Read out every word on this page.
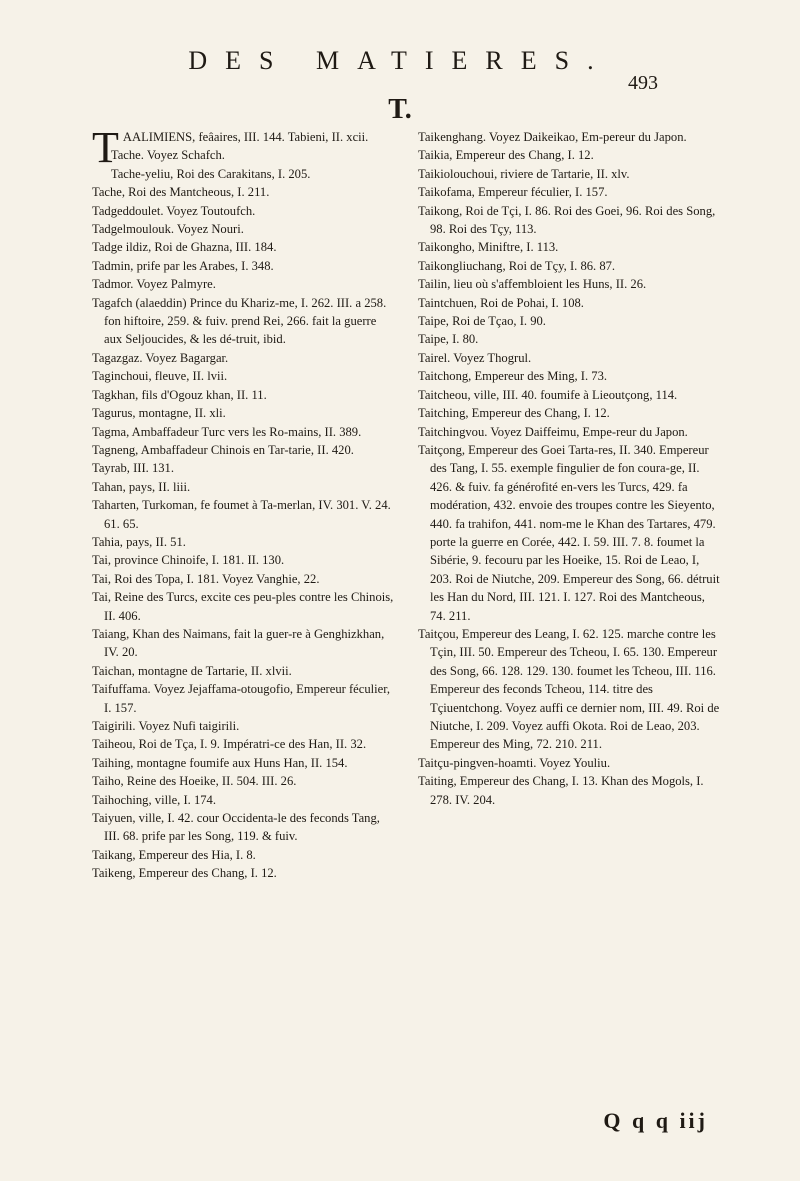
DES MATIERES.
493
T.

TAALIMIENS, feâaires, III. 144. Tabieni, II. xcii.

Tache. Voyez Schafch.

Tache-yeliu, Roi des Carakitans, I. 205.

Tache, Roi des Mantcheous, I. 211.

Tadgeddoulet. Voyez Toutoufch.

Tadgelmoulouk. Voyez Nouri.

Tadge ildiz, Roi de Ghazna, III. 184.

Tadmin, prife par les Arabes, I. 348.

Tadmor. Voyez Palmyre.

Tagafch (alaeddin) Prince du Khariz-me, I. 262. III. a 258. fon hiftoire, 259. & fuiv. prend Rei, 266. fait la guerre aux Seljoucides, & les dé-truit, ibid.

Tagazgaz. Voyez Bagargar.

Taginchoui, fleuve, II. lvii.

Tagkhan, fils d'Ogouz khan, II. 11.

Tagurus, montagne, II. xli.

Tagma, Ambaffadeur Turc vers les Ro-mains, II. 389.

Tagneng, Ambaffadeur Chinois en Tar-tarie, II. 420.

Tayrab, III. 131.

Tahan, pays, II. liii.

Taharten, Turkoman, fe foumet à Ta-merlan, IV. 301. V. 24. 61. 65.

Tahia, pays, II. 51.

Tai, province Chinoife, I. 181. II. 130.

Tai, Roi des Topa, I. 181. Voyez Vanghie, 22.

Tai, Reine des Turcs, excite ces peu-ples contre les Chinois, II. 406.

Taiang, Khan des Naimans, fait la guer-re à Genghizkhan, IV. 20.

Taichan, montagne de Tartarie, II. xlvii.

Taifuffama. Voyez Jejaffama-otougofio, Empereur féculier, I. 157.

Taigirili. Voyez Nufi taigirili.

Taiheou, Roi de Tça, I. 9. Impératri-ce des Han, II. 32.

Taihing, montagne foumife aux Huns Han, II. 154.

Taiho, Reine des Hoeike, II. 504. III. 26.

Taihoching, ville, I. 174.

Taiyuen, ville, I. 42. cour Occidenta-le des feconds Tang, III. 68. prife par les Song, 119. & fuiv.

Taikang, Empereur des Hia, I. 8.

Taikeng, Empereur des Chang, I. 12.

Taikenghang. Voyez Daikeikao, Em-pereur du Japon.

Taikia, Empereur des Chang, I. 12.

Taikiolouchoui, riviere de Tartarie, II. xlv.

Taikofama, Empereur féculier, I. 157.

Taikong, Roi de Tçi, I. 86. Roi des Goei, 96. Roi des Song, 98. Roi des Tçy, 113.

Taikongho, Miniftre, I. 113.

Taikongliuchang, Roi de Tçy, I. 86. 87.

Tailin, lieu où s'affembloient les Huns, II. 26.

Taintchuen, Roi de Pohai, I. 108.

Taipe, Roi de Tçao, I. 90.

Taipe, I. 80.

Tairel. Voyez Thogrul.

Taitchong, Empereur des Ming, I. 73.

Taitcheou, ville, III. 40. foumife à Lieoutçong, 114.

Taitching, Empereur des Chang, I. 12.

Taitchingvou. Voyez Daiffeimu, Empe-reur du Japon.

Taitçong, Empereur des Goei Tarta-res, II. 340. Empereur des Tang, I. 55. exemple fingulier de fon coura-ge, II. 426. & fuiv. fa générofité en-vers les Turcs, 429. fa modération, 432. envoie des troupes contre les Sieyento, 440. fa trahifon, 441. nom-me le Khan des Tartares, 479. porte la guerre en Corée, 442. I. 59. III. 7. 8. foumet la Sibérie, 9. fecouru par les Hoeike, 15. Roi de Leao, I, 203. Roi de Niutche, 209. Empereur des Song, 66. détruit les Han du Nord, III. 121. I. 127. Roi des Mantcheous, 74. 211.

Taitçou, Empereur des Leang, I. 62. 125. marche contre les Tçin, III. 50. Empereur des Tcheou, I. 65. 130. Empereur des Song, 66. 128. 129. 130. foumet les Tcheou, III. 116. Empereur des feconds Tcheou, 114. titre des Tçiuentchong. Voyez auffi ce dernier nom, III. 49. Roi de Niutche, I. 209. Voyez auffi Okota. Roi de Leao, 203. Empereur des Ming, 72. 210. 211.

Taitçu-pingven-hoamti. Voyez Youliu.

Taiting, Empereur des Chang, I. 13. Khan des Mogols, I. 278. IV. 204.

Q q q iij
